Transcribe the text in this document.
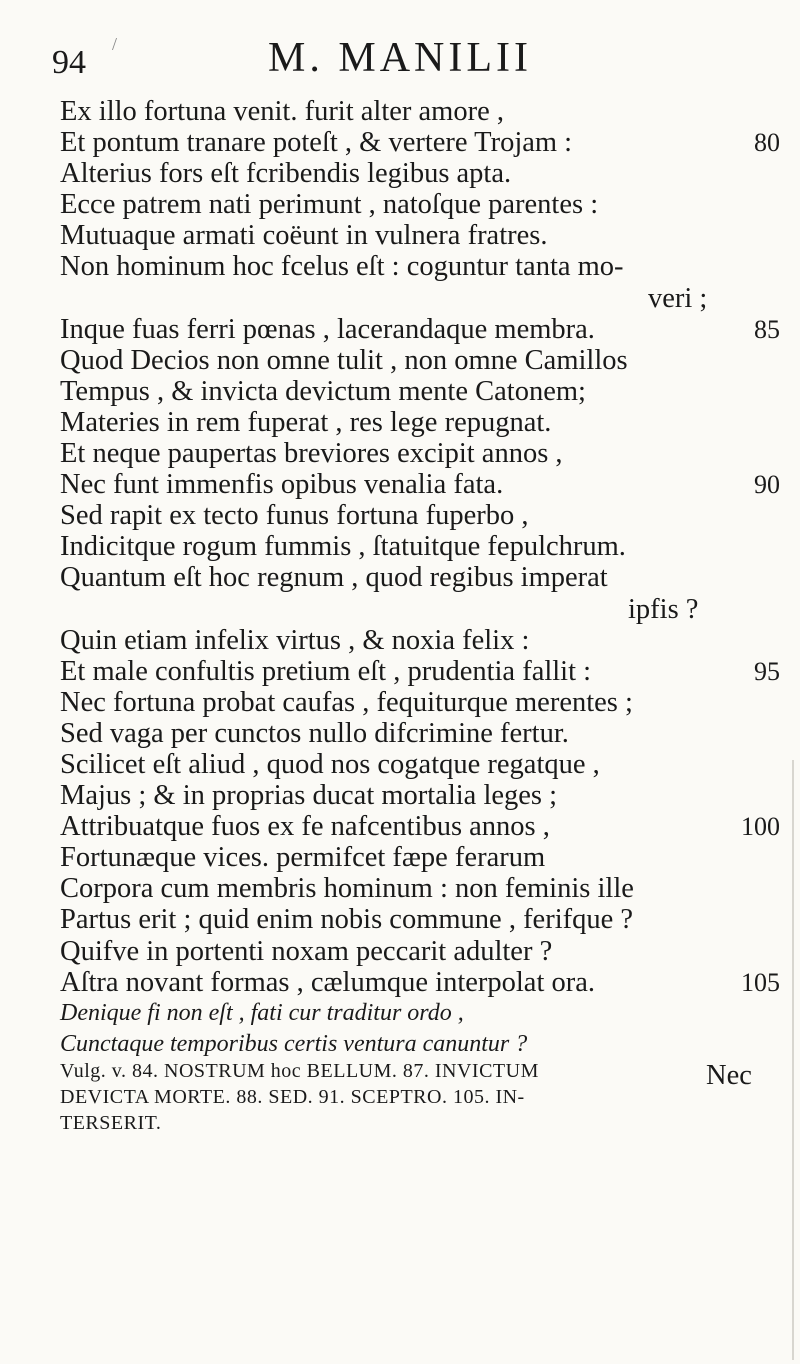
/
94	M. MANILII
Ex illo fortuna venit. furit alter amore ,
Et pontum tranare poteſt , & vertere Trojam :	80
Alterius fors eſt fcribendis legibus apta.
Ecce patrem nati perimunt , natoſque parentes :
Mutuaque armati coëunt in vulnera fratres.
Non hominum hoc fcelus eſt : coguntur tanta mo-
veri ;
Inque fuas ferri pœnas , lacerandaque membra.	85
Quod Decios non omne tulit , non omne Camillos
Tempus , & invicta devictum mente Catonem;
Materies in rem fuperat , res lege repugnat.
Et neque paupertas breviores excipit annos ,
Nec funt immenfis opibus venalia fata.	90
Sed rapit ex tecto funus fortuna fuperbo ,
Indicitque rogum fummis , ſtatuitque fepulchrum.
Quantum eſt hoc regnum , quod regibus imperat
ipfis ?
Quin etiam infelix virtus , & noxia felix :
Et male confultis pretium eſt , prudentia fallit :	95
Nec fortuna probat caufas , fequiturque merentes ;
Sed vaga per cunctos nullo difcrimine fertur.
Scilicet eſt aliud , quod nos cogatque regatque ,
Majus ; & in proprias ducat mortalia leges ;
Attribuatque fuos ex fe nafcentibus annos ,	100
Fortunæque vices. permifcet fæpe ferarum
Corpora cum membris hominum : non feminis ille
Partus erit ; quid enim nobis commune , ferifque ?
Quifve in portenti noxam peccarit adulter ?
Aſtra novant formas , cælumque interpolat ora.	105
Denique fi non eſt , fati cur traditur ordo ,
Cunctaque temporibus certis ventura canuntur ?
Nec
Vulg. v. 84. NOSTRUM hoc BELLUM. 87. INVICTUM
DEVICTA MORTE. 88. SED. 91. SCEPTRO. 105. IN-
TERSERIT.
